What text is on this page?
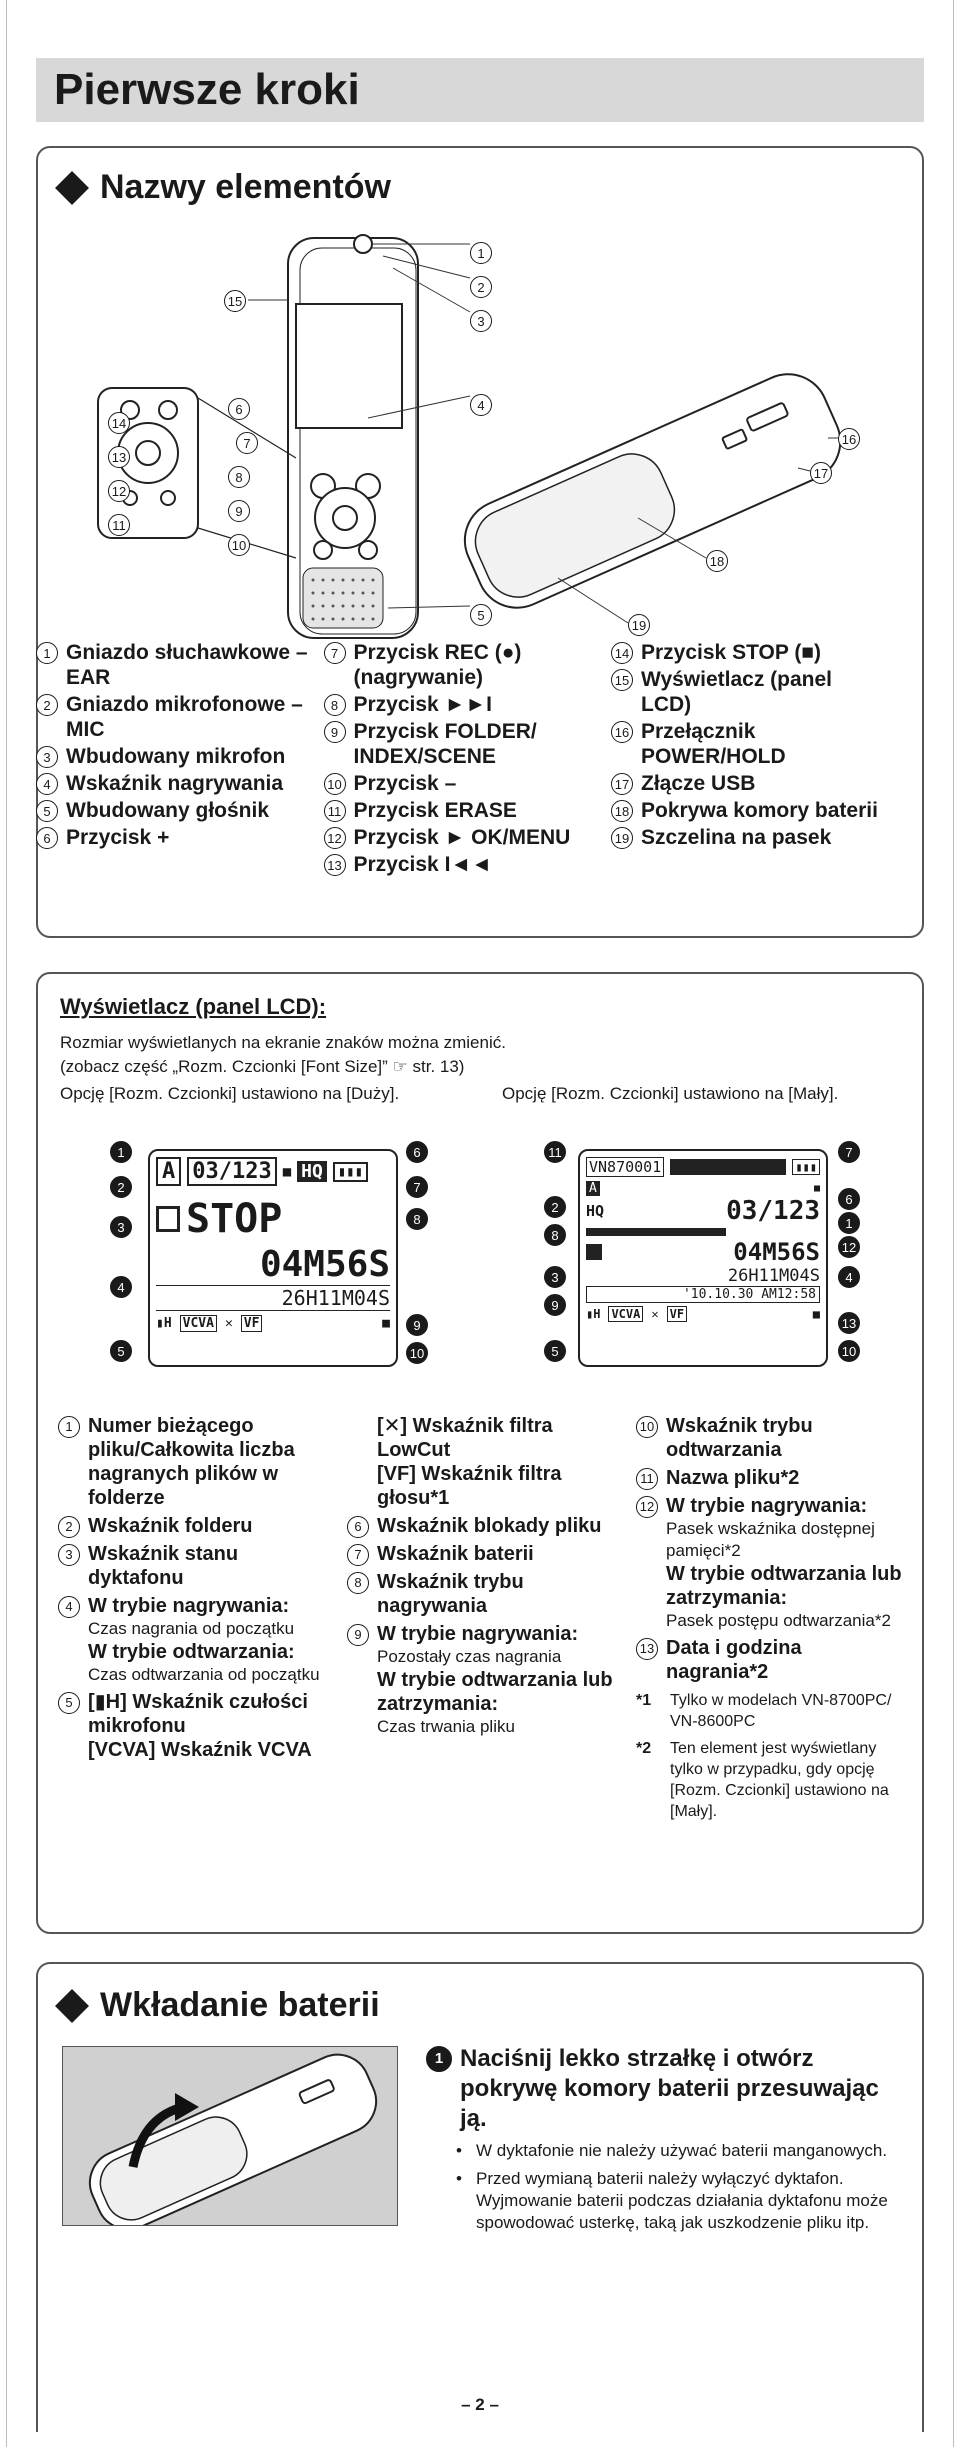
Pierwsze kroki
Nazwy elementów
1
2
3
4
5
6
7
8
9
10
11
12
13
14
15
16
17
18
19
1 Gniazdo słuchawkowe – EAR
2 Gniazdo mikrofonowe – MIC
3 Wbudowany mikrofon
4 Wskaźnik nagrywania
5 Wbudowany głośnik
6 Przycisk +
7 Przycisk REC (●) (nagrywanie)
8 Przycisk ►►I
9 Przycisk FOLDER/ INDEX/SCENE
10 Przycisk –
11 Przycisk ERASE
12 Przycisk ► OK/MENU
13 Przycisk I◄◄
14 Przycisk STOP (■)
15 Wyświetlacz (panel LCD)
16 Przełącznik POWER/HOLD
17 Złącze USB
18 Pokrywa komory baterii
19 Szczelina na pasek
Wyświetlacz (panel LCD):
Rozmiar wyświetlanych na ekranie znaków można zmienić.
(zobacz część „Rozm. Czcionki [Font Size]” ☞ str. 13)
Opcję [Rozm. Czcionki] ustawiono na [Duży].	Opcję [Rozm. Czcionki] ustawiono na [Mały].
A 03/123 ■ HQ	▮▮▮
STOP
04M56S
26H11M04S
▮H VCVA ✕ VF	■
1
2
3
4
5
6
7
8
9
10
VN870001	▮▮▮
A	■
HQ	03/123
04M56S
26H11M04S
'10.10.30 AM12:58
▮H VCVA ✕ VF	■
11
2
8
3
9
5
7
6
1
12
4
13
10
1 Numer bieżącego pliku/Całkowita liczba nagranych plików w folderze
2 Wskaźnik folderu
3 Wskaźnik stanu dyktafonu
4 W trybie nagrywania:
Czas nagrania od początku
W trybie odtwarzania:
Czas odtwarzania od początku
5 [▮H] Wskaźnik czułości mikrofonu
[VCVA] Wskaźnik VCVA
[✕] Wskaźnik filtra LowCut
[VF] Wskaźnik filtra głosu*1
6 Wskaźnik blokady pliku
7 Wskaźnik baterii
8 Wskaźnik trybu nagrywania
9 W trybie nagrywania:
Pozostały czas nagrania
W trybie odtwarzania lub zatrzymania:
Czas trwania pliku
10 Wskaźnik trybu odtwarzania
11 Nazwa pliku*2
12 W trybie nagrywania:
Pasek wskaźnika dostępnej pamięci*2
W trybie odtwarzania lub zatrzymania:
Pasek postępu odtwarzania*2
13 Data i godzina nagrania*2
*1	Tylko w modelach VN-8700PC/ VN-8600PC
*2	Ten element jest wyświetlany tylko w przypadku, gdy opcję [Rozm. Czcionki] ustawiono na [Mały].
Wkładanie baterii
1 Naciśnij lekko strzałkę i otwórz pokrywę komory baterii przesuwając ją.
• W dyktafonie nie należy używać baterii manganowych.
• Przed wymianą baterii należy wyłączyć dyktafon. Wyjmowanie baterii podczas działania dyktafonu może spowodować usterkę, taką jak uszkodzenie pliku itp.
– 2 –
